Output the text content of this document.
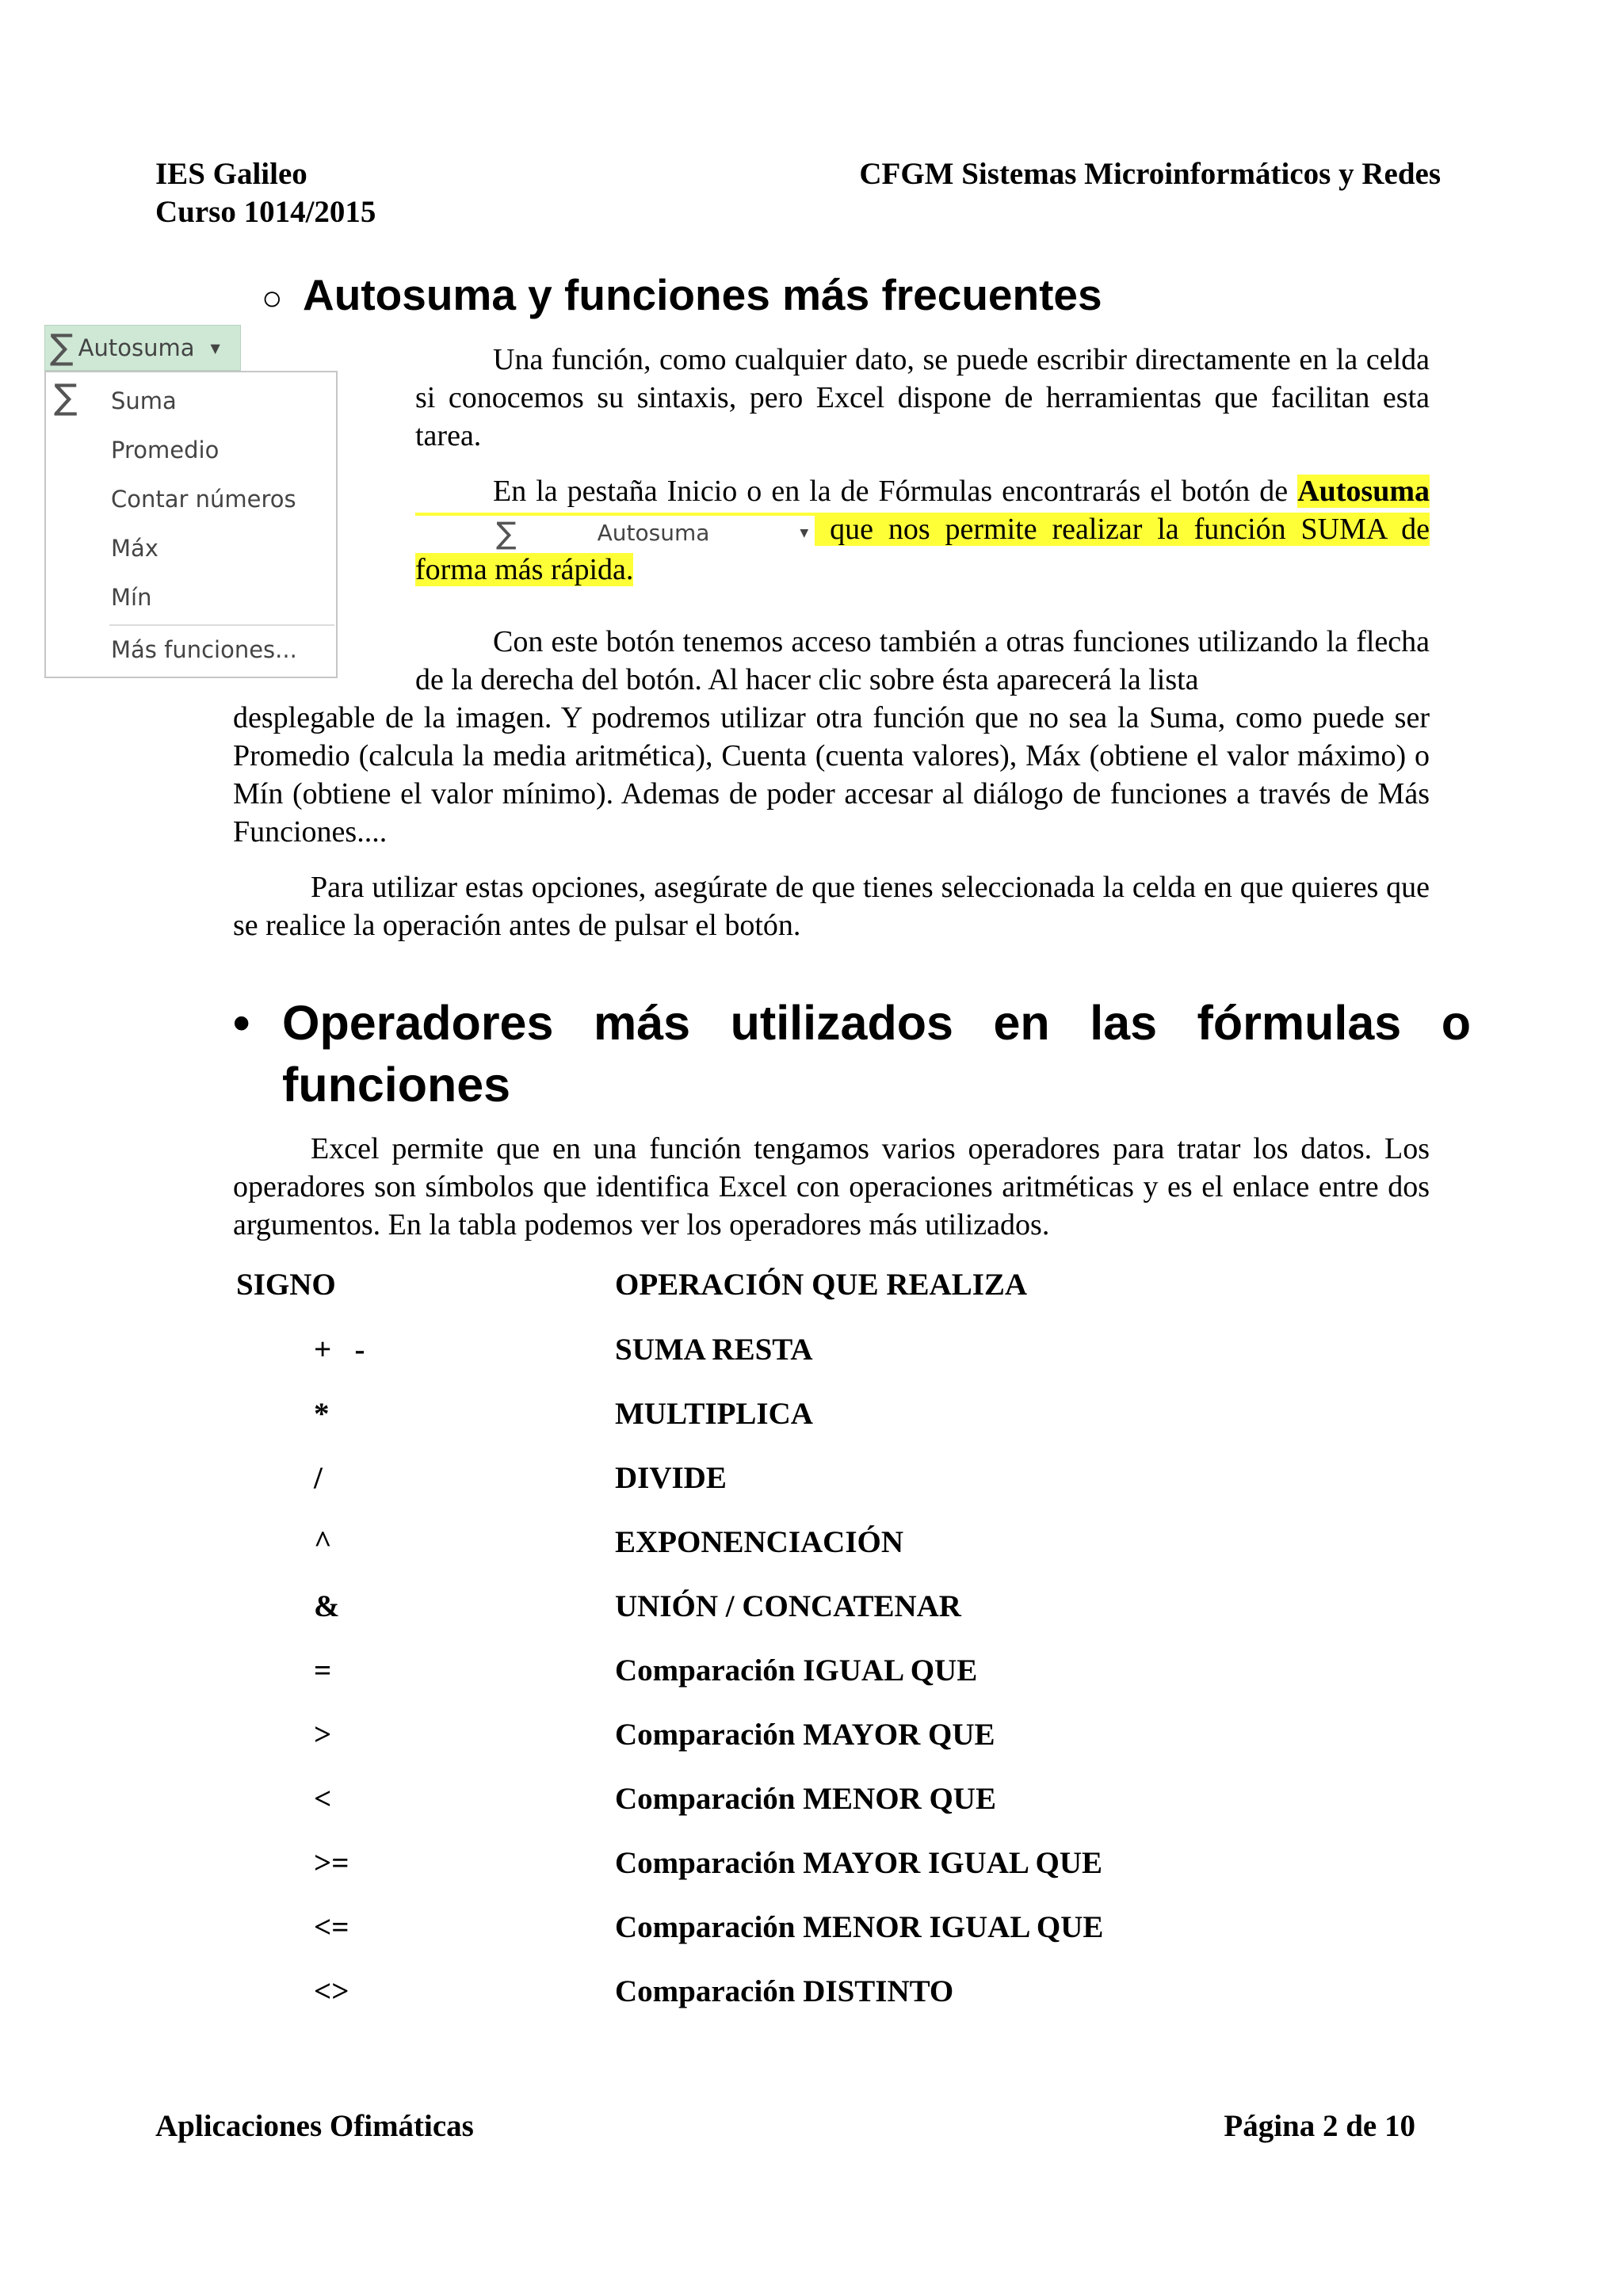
IES Galileo
Curso 1014/2015
CFGM Sistemas Microinformáticos y Redes
○ Autosuma y funciones más frecuentes
∑ Autosuma ▼
∑ Suma
Promedio
Contar números
Máx
Mín
Más funciones...
Una función, como cualquier dato, se puede escribir directamente en la celda si conocemos su sintaxis, pero Excel dispone de herramientas que facilitan esta tarea.
En la pestaña Inicio o en la de Fórmulas encontrarás el botón de Autosuma
∑	Autosuma	▼ que nos permite realizar la función SUMA de forma más rápida.
Con este botón tenemos acceso también a otras funciones utilizando la flecha de la derecha del botón. Al hacer clic sobre ésta aparecerá la lista
desplegable de la imagen. Y podremos utilizar otra función que no sea la Suma, como puede ser Promedio (calcula la media aritmética), Cuenta (cuenta valores), Máx (obtiene el valor máximo) o Mín (obtiene el valor mínimo). Ademas de poder accesar al diálogo de funciones a través de Más Funciones....
Para utilizar estas opciones, asegúrate de que tienes seleccionada la celda en que quieres que se realice la operación antes de pulsar el botón.
• Operadores más utilizados en las fórmulas o
funciones
Excel permite que en una función tengamos varios operadores para tratar los datos. Los operadores son símbolos que identifica Excel con operaciones aritméticas y es el enlace entre dos argumentos. En la tabla podemos ver los operadores más utilizados.
SIGNO	OPERACIÓN QUE REALIZA
+   -	SUMA RESTA
*	MULTIPLICA
/	DIVIDE
^	EXPONENCIACIÓN
&	UNIÓN / CONCATENAR
=	Comparación IGUAL QUE
>	Comparación MAYOR QUE
<	Comparación MENOR QUE
>=	Comparación MAYOR IGUAL QUE
<=	Comparación MENOR IGUAL QUE
<>	Comparación DISTINTO
Aplicaciones Ofimáticas	Página 2 de 10
